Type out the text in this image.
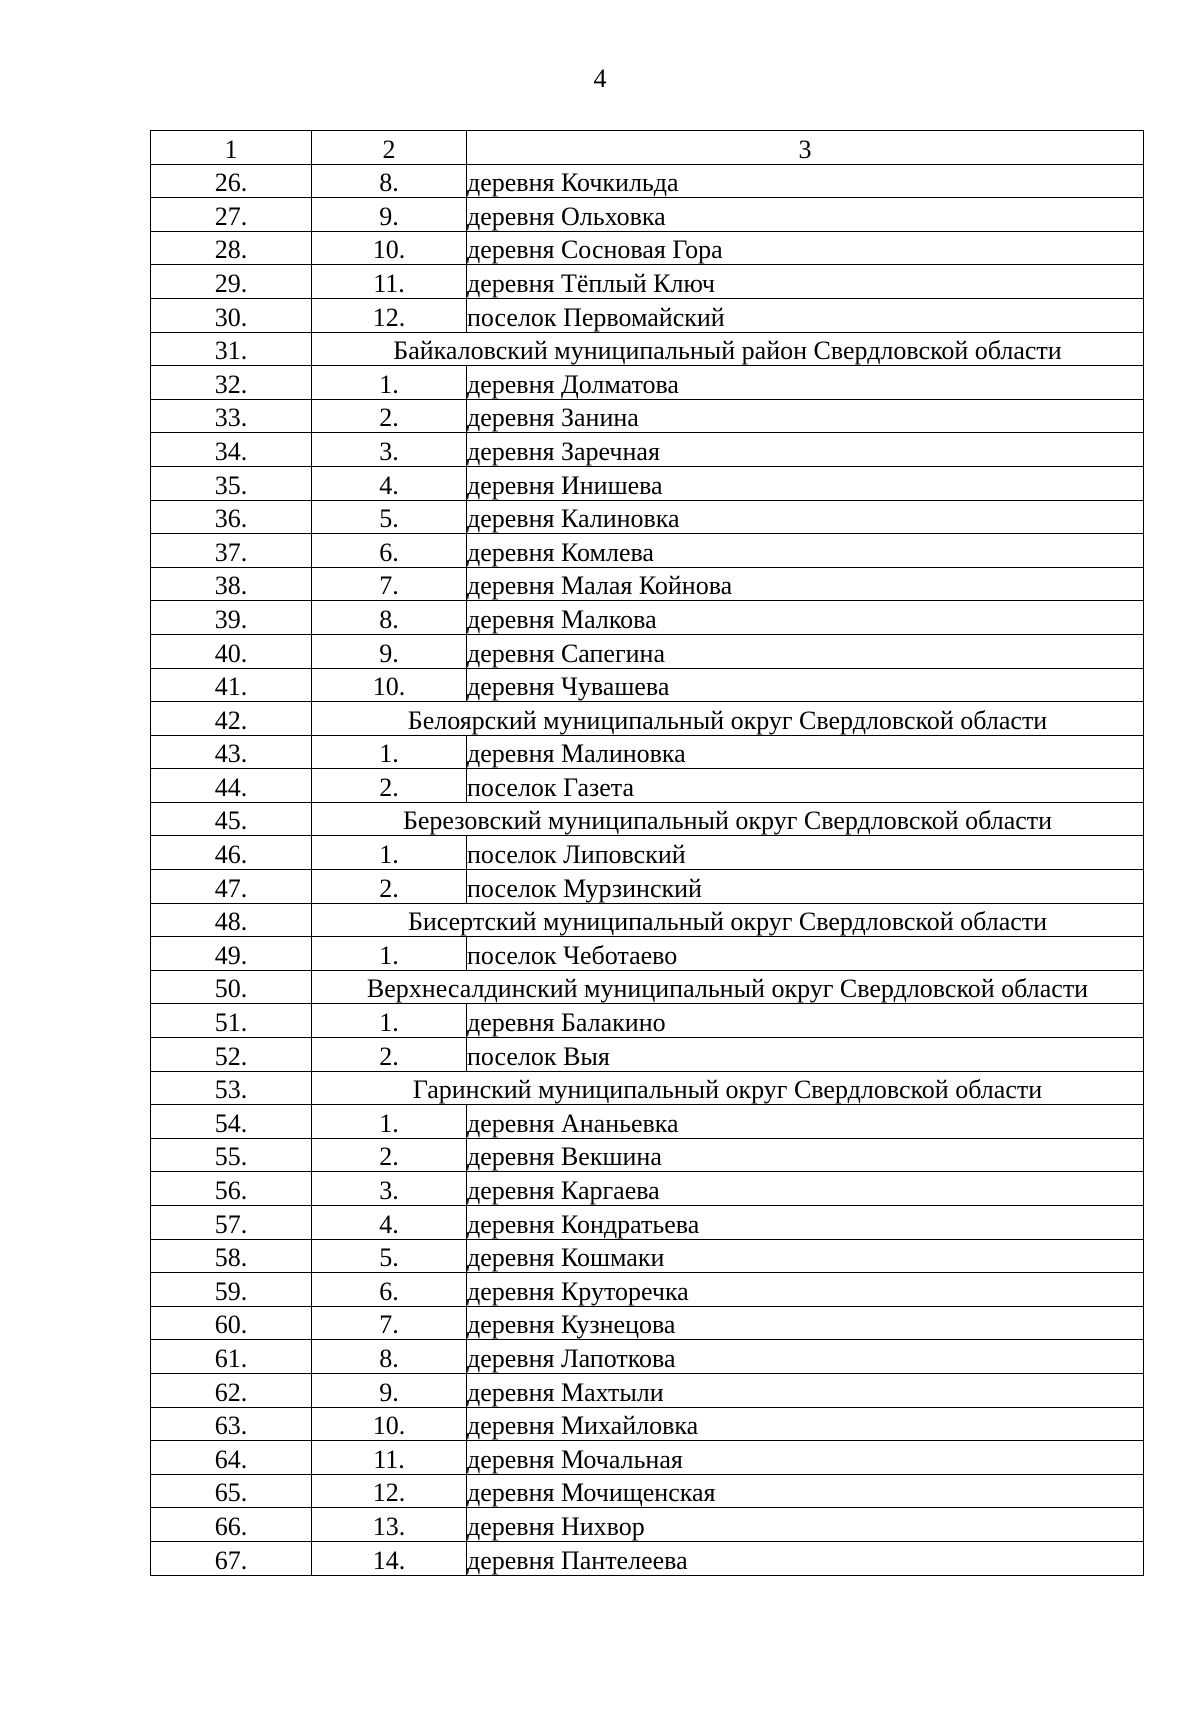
4
1	2	3
26.	8.	деревня Кочкильда
27.	9.	деревня Ольховка
28.	10.	деревня Сосновая Гора
29.	11.	деревня Тёплый Ключ
30.	12.	поселок Первомайский
31.	Байкаловский муниципальный район Свердловской области	
32.	1.	деревня Долматова
33.	2.	деревня Занина
34.	3.	деревня Заречная
35.	4.	деревня Инишева
36.	5.	деревня Калиновка
37.	6.	деревня Комлева
38.	7.	деревня Малая Койнова
39.	8.	деревня Малкова
40.	9.	деревня Сапегина
41.	10.	деревня Чувашева
42.	Белоярский муниципальный округ Свердловской области	
43.	1.	деревня Малиновка
44.	2.	поселок Газета
45.	Березовский муниципальный округ Свердловской области	
46.	1.	поселок Липовский
47.	2.	поселок Мурзинский
48.	Бисертский муниципальный округ Свердловской области	
49.	1.	поселок Чеботаево
50.	Верхнесалдинский муниципальный округ Свердловской области	
51.	1.	деревня Балакино
52.	2.	поселок Выя
53.	Гаринский муниципальный округ Свердловской области	
54.	1.	деревня Ананьевка
55.	2.	деревня Векшина
56.	3.	деревня Каргаева
57.	4.	деревня Кондратьева
58.	5.	деревня Кошмаки
59.	6.	деревня Круторечка
60.	7.	деревня Кузнецова
61.	8.	деревня Лапоткова
62.	9.	деревня Махтыли
63.	10.	деревня Михайловка
64.	11.	деревня Мочальная
65.	12.	деревня Мочищенская
66.	13.	деревня Нихвор
67.	14.	деревня Пантелеева
